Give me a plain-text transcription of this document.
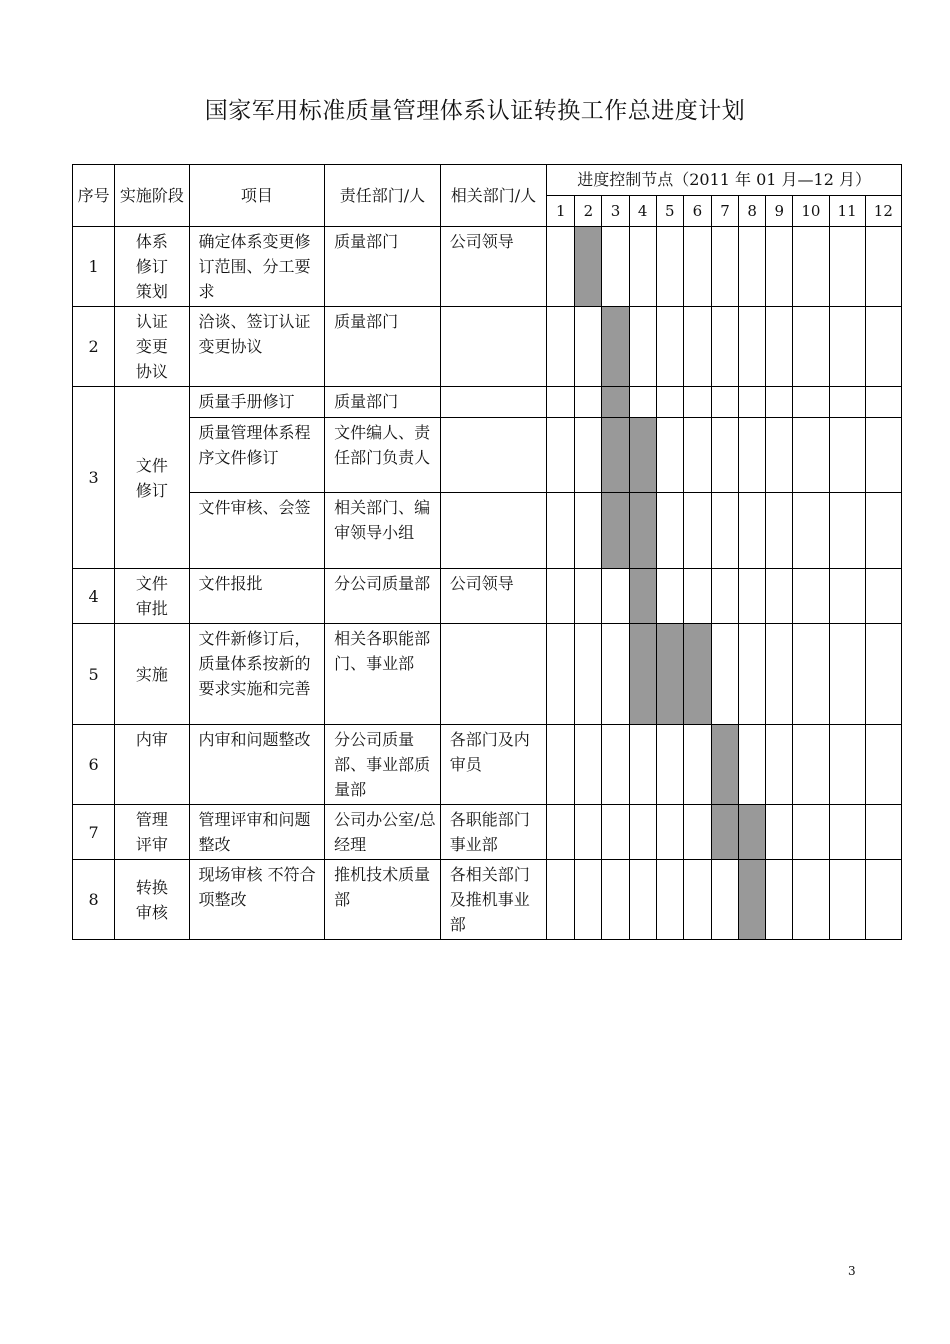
国家军用标准质量管理体系认证转换工作总进度计划
序号	实施阶段	项目	责任部门/人	相关部门/人	进度控制节点（2011 年 01 月—12 月）											

					1	2	3	4	5	6	7	8	9	10	11	12
1	体系修订策划	确定体系变更修订范围、分工要求	质量部门	公司领导												

2	认证变更协议	洽谈、签订认证变更协议	质量部门													

3	文件修订	质量手册修订	质量部门													

		质量管理体系程序文件修订	文件编人、责任部门负责人													

		文件审核、会签	相关部门、编审领导小组													

4	文件审批	文件报批	分公司质量部	公司领导												

5	实施	文件新修订后，质量体系按新的要求实施和完善	相关各职能部门、事业部													

6	内审	内审和问题整改	分公司质量部、事业部质量部	各部门及内审员												

7	管理评审	管理评审和问题整改	公司办公室/总经理	各职能部门事业部												

8	转换审核	现场审核 不符合项整改	推机技术质量部	各相关部门及推机事业部												

3
